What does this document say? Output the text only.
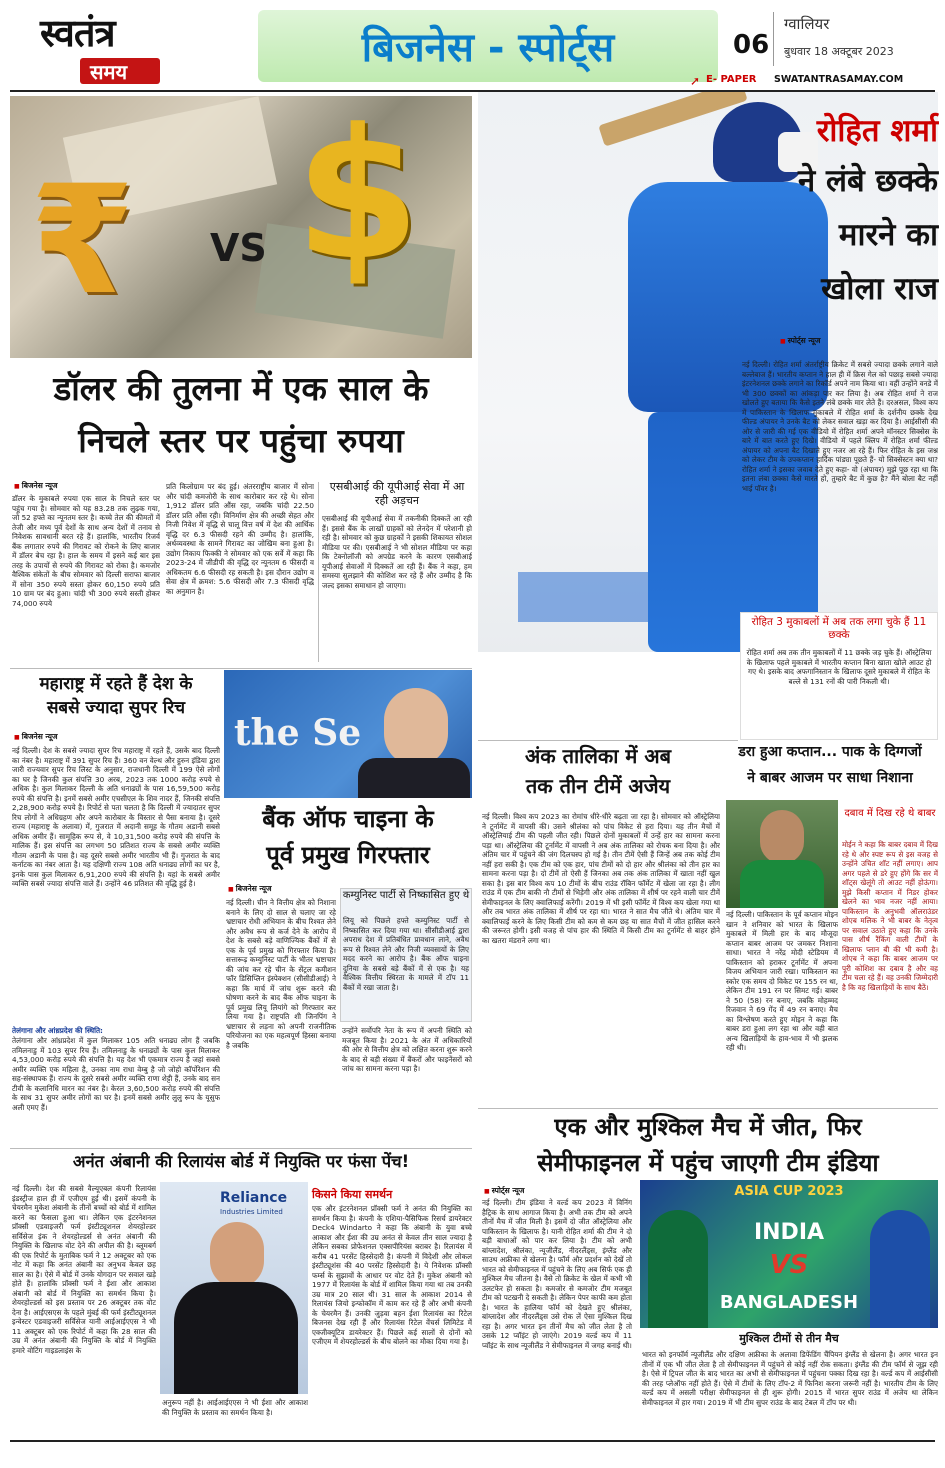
स्वतंत्र
समय
बिजनेस - स्पोर्ट्स	06
ग्वालियर
बुधवार 18 अक्टूबर 2023
➚ E- PAPER SWATANTRASAMAY.COM
₹ VS $
डॉलर की तुलना में एक साल के
निचले स्तर पर पहुंचा रुपया
■ बिजनेस न्यूज
डॉलर के मुकाबले रुपया एक साल के निचले स्तर पर पहुंच गया है। सोमवार को यह 83.28 तक लुढ़क गया, जो 52 हफ्ते का न्यूनतम स्तर है। कच्चे तेल की कीमतों में तेजी और मध्य पूर्व देशों के साथ अन्य देशों में तनाव से निवेशक सावधानी बरत रहे हैं। हालांकि, भारतीय रिजर्व बैंक लगातार रुपये की गिरावट को रोकने के लिए बाजार में डॉलर बेच रहा है। हाल के समय में इसने कई बार इस तरह के उपायों से रुपये की गिरावट को रोका है। कमजोर वैश्विक संकेतों के बीच सोमवार को दिल्ली सराफा बाजार में सोना 350 रुपये सस्ता होकर 60,150 रुपये प्रति 10 ग्राम पर बंद हुआ। चांदी भी 300 रुपये सस्ती होकर 74,000 रुपये
प्रति किलोग्राम पर बंद हुई। अंतरराष्ट्रीय बाजार में सोना और चांदी कमजोरी के साथ कारोबार कर रहे थे। सोना 1,912 डॉलर प्रति औंस रहा, जबकि चांदी 22.50 डॉलर प्रति औंस रही। विनिर्माण क्षेत्र की अच्छी सेहत और निजी निवेश में वृद्धि से चालू वित्त वर्ष में देश की आर्थिक वृद्धि दर 6.3 फीसदी रहने की उम्मीद है। हालांकि, अर्थव्यवस्था के सामने गिरावट का जोखिम बना हुआ है। उद्योग निकाय फिक्की ने सोमवार को एक सर्वे में कहा कि 2023-24 में जीडीपी की वृद्धि दर न्यूनतम 6 फीसदी व अधिकतम 6.6 फीसदी रह सकती है। इस दौरान उद्योग व सेवा क्षेत्र में क्रमश: 5.6 फीसदी और 7.3 फीसदी वृद्धि का अनुमान है।
एसबीआई की यूपीआई सेवा में आ रही अड़चन
एसबीआई की यूपीआई सेवा में तकनीकी दिक्कतें आ रही हैं। इससे बैंक के लाखों ग्राहकों को लेनदेन में परेशानी हो रही है। सोमवार को कुछ ग्राहकों ने इसकी शिकायत सोशल मीडिया पर की। एसबीआई ने भी सोशल मीडिया पर कहा कि टेक्नोलॉजी को अपग्रेड करने के कारण एसबीआई यूपीआई सेवाओं में दिक्कतें आ रही हैं। बैंक ने कहा, हम समस्या सुलझाने की कोशिश कर रहे हैं और उम्मीद है कि जल्द इसका समाधान हो जाएगा।
रोहित शर्मा
ने लंबे छक्के
मारने का
खोला राज
■ स्पोर्ट्स न्यूज
नई दिल्ली। रोहित शर्मा अंतर्राष्ट्रीय क्रिकेट में सबसे ज्यादा छक्के लगाने वाले बल्लेबाज हैं। भारतीय कप्तान ने हाल ही में क्रिस गेल को पछाड़ सबसे ज्यादा इंटरनेशनल छक्के लगाने का रिकॉर्ड अपने नाम किया था। वहीं उन्होंने वनडे में भी 300 छक्कों का आंकड़ा पार कर लिया है। अब रोहित शर्मा ने राज खोलते हुए बताया कि कैसे इतने लंबे छक्के मार लेते हैं। दरअसल, विश्व कप में पाकिस्तान के खिलाफ मुकाबले में रोहित शर्मा के दर्शनीय छक्के देख फील्ड अंपायर ने उनके बैट को लेकर सवाल खड़ा कर दिया है। आईसीसी की ओर से जारी की गई एक वीडियो में रोहित शर्मा अपने मॉनस्टर सिक्सेस के बारे में बात करते हुए दिखे। वीडियो में पहले क्लिप में रोहित शर्मा फील्ड अंपायर को अपना बैट दिखाते हुए नजर आ रहे हैं। फिर रोहित के इस जश्न को लेकर टीम के उपकप्तान हार्दिक पांड्या पूछते हैं- यो सिक्सेस्टन क्या था? रोहित शर्मा ने इसका जवाब देते हुए कहा- वो (अंपायर) मुझे पूछ रहा था कि इतना लंबा छक्का कैसे मारते हो, तुम्हारे बैट में कुछ है? मैंने बोला बैट नहीं भाई पॉवर है।
रोहित 3 मुकाबलों में अब तक लगा चुके हैं 11 छक्के
रोहित शर्मा अब तक तीन मुकाबलों में 11 छक्के जड़ चुके हैं। ऑस्ट्रेलिया के खिलाफ पहले मुकाबले में भारतीय कप्तान बिना खाता खोले आउट हो गए थे। इसके बाद अफगानिस्तान के खिलाफ दूसरे मुकाबले में रोहित के बल्ले से 131 रनों की पारी निकली थी।
महाराष्ट्र में रहते हैं देश के
सबसे ज्यादा सुपर रिच
■ बिजनेस न्यूज
नई दिल्ली। देश के सबसे ज्यादा सुपर रिच महाराष्ट्र में रहते हैं, उसके बाद दिल्ली का नंबर है। महाराष्ट्र में 391 सुपर रिच हैं। 360 वन वेल्थ और हुरुन इंडिया द्वारा जारी राज्यवार सुपर रिच लिस्ट के अनुसार, राजधानी दिल्ली में 199 ऐसे लोगों का घर है जिनकी कुल संपत्ति 30 अरब, 2023 तक 1000 करोड़ रुपये से अधिक है। कुल मिलाकर दिल्ली के अति धनाढ्यों के पास 16,59,500 करोड़ रुपये की संपत्ति है। इनमें सबसे अमीर एचसीएल के शिव नादर हैं, जिनकी संपत्ति 2,28,900 करोड़ रुपये है। रिपोर्ट से पता चलता है कि दिल्ली में ज्यादातर सुपर रिच लोगों ने अधिग्रहण और अपने कारोबार के विस्तार से पैसा बनाया है। दूसरे राज्य (महाराष्ट्र के अलावा) में, गुजरात में अदानी समूह के गौतम अडानी सबसे अधिक अमीर हैं। सामूहिक रूप से, वे 10,31,500 करोड़ रुपये की संपत्ति के मालिक हैं। इस संपत्ति का लगभग 50 प्रतिशत राज्य के सबसे अमीर व्यक्ति गौतम अडानी के पास है। वह दूसरे सबसे अमीर भारतीय भी हैं। गुजरात के बाद कर्नाटक का नंबर आता है। यह दक्षिणी राज्य 108 अति धनाढ्य लोगों का घर है, इनके पास कुल मिलाकर 6,91,200 रुपये की संपत्ति है। यहां के सबसे अमीर व्यक्ति सबसे ज्यादा संपत्ति वाले हैं। उन्होंने 46 प्रतिशत की वृद्धि हुई है।
तेलंगाना और आंध्रप्रदेश की स्थिति:
तेलंगाना और आंध्रप्रदेश में कुल मिलाकर 105 अति धनाढ्य लोग हैं जबकि तमिलनाडु में 103 सुपर रिच हैं। तमिलनाडु के धनाढ्यों के पास कुल मिलाकर 4,53,000 करोड़ रुपये की संपत्ति है। यह देश भी एकमात्र राज्य है जहां सबसे अमीर व्यक्ति एक महिला है, उनका नाम राधा वेम्बु है जो जोहो कॉर्पोरेशन की सह-संस्थापक हैं। राज्य के दूसरे सबसे अमीर व्यक्ति राणा शेट्टी हैं, उनके बाद सन टीवी के कलानिधि मारन का नंबर है। केरल 3,60,500 करोड़ रुपये की संपत्ति के साथ 31 सुपर अमीर लोगों का घर है। इनमें सबसे अमीर लुलु रूप के यूसुफ अली एमए हैं।
the Se
बैंक ऑफ चाइना के
पूर्व प्रमुख गिरफ्तार
■ बिजनेस न्यूज
नई दिल्ली। चीन ने वित्तीय क्षेत्र को निशाना बनाने के लिए दो साल से चलाए जा रहे भ्रष्टाचार रोधी अभियान के बीच रिश्वत लेने और अवैध रूप से कर्ज देने के आरोप में देश के सबसे बड़े वाणिज्यिक बैंकों में से एक के पूर्व प्रमुख को गिरफ्तार किया है। सत्तारूढ़ कम्युनिस्ट पार्टी के भीतर भ्रष्टाचार की जांच कर रहे चीन के सेंट्रल कमीशन फॉर डिसिप्लिन इंस्पेक्शन (सीसीडीआई) ने कहा कि मार्च में जांच शुरू करने की घोषणा करने के बाद बैंक ऑफ चाइना के पूर्व प्रमुख लियू लियांगे को गिरफ्तार कर लिया गया है। राष्ट्रपति शी जिनपिंग ने भ्रष्टाचार से लड़ना को अपनी राजनीतिक परियोजना का एक महत्वपूर्ण हिस्सा बनाया है जबकि
कम्युनिस्ट पार्टी से निष्कासित हुए थे
लियू को पिछले हफ्ते कम्युनिस्ट पार्टी से निष्कासित कर दिया गया था। सीसीडीआई द्वारा अपराध देश में प्रतिबंधित प्रावधान लाने, अवैध रूप से रिश्वत लेने और निजी व्यवसायों के लिए मदद करने का आरोप है। बैंक ऑफ चाइना दुनिया के सबसे बड़े बैंकों में से एक है। यह वैश्विक वित्तीय स्थिरता के मामले में टॉप 11 बैंकों में रखा जाता है।
उन्होंने सर्वोपरि नेता के रूप में अपनी स्थिति को मजबूत किया है। 2021 के अंत में अधिकारियों की ओर से वित्तीय क्षेत्र को लक्षित करना शुरू करने के बाद से बड़ी संख्या में बैंकरों और फाइनेंसरों को जांच का सामना करना पड़ा है।
अंक तालिका में अब
तक तीन टीमें अजेय
नई दिल्ली। विश्व कप 2023 का रोमांच धीरे-धीरे बढ़ता जा रहा है। सोमवार को ऑस्ट्रेलिया ने टूर्नामेंट में वापसी की। उसने श्रीलंका को पांच विकेट से हरा दिया। यह तीन मैचों में ऑस्ट्रेलियाई टीम की पहली जीत रही। पिछले दोनों मुकाबलों में उन्हें हार का सामना करना पड़ा था। ऑस्ट्रेलिया की टूर्नामेंट में वापसी ने अब अंक तालिका को रोचक बना दिया है। और अंतिम चार में पहुंचने की जंग दिलचस्प हो गई है। तीन टीमें ऐसी हैं जिन्हें अब तक कोई टीम नहीं हरा सकी है। एक टीम को एक हार, पांच टीमों को दो हार और श्रीलंका को तीन हार का सामना करना पड़ा है। दो टीमें तो ऐसी हैं जिनका अब तक अंक तालिका में खाता नहीं खुल सका है। इस बार विश्व कप 10 टीमों के बीच राउंड रॉबिन फॉर्मेट में खेला जा रहा है। लीग राउंड में एक टीम बाकी नौ टीमों से भिड़ेगी और अंक तालिका में शीर्ष पर रहने वाली चार टीमें सेमीफाइनल के लिए क्वालिफाई करेंगी। 2019 में भी इसी फॉर्मेट में विश्व कप खेला गया था और तब भारत अंक तालिका में शीर्ष पर रहा था। भारत ने सात मैच जीते थे। अंतिम चार में क्वालिफाई करने के लिए किसी टीम को कम से कम छह या सात मैचों में जीत हासिल करने की जरूरत होगी। इसी वजह से पांच हार की स्थिति में किसी टीम का टूर्नामेंट से बाहर होने का खतरा मंडराने लगा था।
डरा हुआ कप्तान... पाक के दिग्गजों
ने बाबर आजम पर साधा निशाना
दबाव में दिख रहे थे बाबर
मोईन ने कहा कि बाबर दबाव में दिख रहे थे और स्पष्ट रूप से इस वजह से उन्होंने उचित शॉट नहीं लगाए। आप अगर पहले से डरे हुए होंगे कि सर में शॉट्स खेलूंगे तो आउट नहीं होऊंगा। मुझे किसी कप्तान में निडर होकर खेलने का भाव नजर नहीं आया। पाकिस्तान के अनुभवी ऑलराउंडर शोएब मलिक ने भी बाबर के नेतृत्व पर सवाल उठाते हुए कहा कि उनके पास शीर्ष रैंकिंग वाली टीमों के खिलाफ प्लान बी की भी कमी है। शोएब ने कहा कि बाबर आजम पर पूरी कोशिश का दबाव है और वह टीम चला रहे हैं। वह उनकी जिम्मेदारी है कि वह खिलाड़ियों के साथ बैठें।
नई दिल्ली। पाकिस्तान के पूर्व कप्तान मोइन खान ने शनिवार को भारत के खिलाफ मुकाबले में मिली हार के बाद मौजूदा कप्तान बाबर आजम पर जमकर निशाना साधा। भारत ने नरेंद्र मोदी स्टेडियम में पाकिस्तान को हराकर टूर्नामेंट में अपना विजय अभियान जारी रखा। पाकिस्तान का स्कोर एक समय दो विकेट पर 155 रन था, लेकिन टीम 191 रन पर सिमट गई। बाबर ने 50 (58) रन बनाए, जबकि मोहम्मद रिजवान ने 69 गेंद में 49 रन बनाए। मैच का विश्लेषण करते हुए मोइन ने कहा कि बाबर डरा हुआ लग रहा था और वही बात अन्य खिलाड़ियों के हाव-भाव में भी झलक रही थी।
एक और मुश्किल मैच में जीत, फिर
सेमीफाइनल में पहुंच जाएगी टीम इंडिया
■ स्पोर्ट्स न्यूज
नई दिल्ली। टीम इंडिया ने वर्ल्ड कप 2023 में विनिंग हैट्रिक के साथ आगाज किया है। अभी तक टीम को अपने तीनों मैच में जीत मिली है। इसमें दो जीत ऑस्ट्रेलिया और पाकिस्तान के खिलाफ है। यानी रोहित शर्मा की टीम ने दो बड़ी बाधाओं को पार कर लिया है। टीम को अभी बांग्लादेश, श्रीलंका, न्यूजीलैंड, नीदरलैंड्स, इंग्लैंड और साउथ अफ्रीका से खेलना है। फॉर्म और प्रदर्शन को देखें तो भारत को सेमीफाइनल में पहुंचने के लिए अब सिर्फ एक ही मुश्किल मैच जीतना है। वैसे तो क्रिकेट के खेल में कभी भी उलटफेर हो सकता है। कमजोर से कमजोर टीम मजबूत टीम को पटखनी दे सकती है। लेकिन पेपर काफी कम होता है। भारत के हालिया फॉर्म को देखते हुए श्रीलंका, बांग्लादेश और नीदरलैंड्स उसे रोक लें ऐसा मुश्किल दिख रहा है। अगर भारत इन तीनों मैच को जीत लेता है तो उसके 12 प्वॉइंट हो जाएंगे। 2019 वर्ल्ड कप में 11 प्वॉइंट के साथ न्यूजीलैंड ने सेमीफाइनल में जगह बनाई थी।
ASIA CUP 2023
INDIA
VS
BANGLADESH
मुश्किल टीमों से तीन मैच
भारत को इनफॉर्म न्यूजीलैंड और दक्षिण अफ्रीका के अलावा डिफेंडिंग चैंपियन इंग्लैंड से खेलना है। अगर भारत इन तीनों में एक भी जीत लेता है तो सेमीफाइनल में पहुंचने से कोई नहीं रोक सकता। इंग्लैंड की टीम फॉर्म से जूझ रही है। ऐसे में ट्रिपल जीत के बाद भारत का अभी से सेमीफाइनल में पहुंचना पक्का दिख रहा है। वर्ल्ड कप में आईसीसी की तरह प्लेऑफ नहीं होते हैं। ऐसे में टीमों के लिए टॉप-2 में फिनिश करना जरूरी नहीं है। भारतीय टीम के लिए वर्ल्ड कप में असली परीक्षा सेमीफाइनल से ही शुरू होगी। 2015 में भारत सुपर राउंड में अजेय था लेकिन सेमीफाइनल में हार गया। 2019 में भी टीम सुपर राउंड के बाद टेबल में टॉप पर थी।
अनंत अंबानी की रिलायंस बोर्ड में नियुक्ति पर फंसा पेंच!
नई दिल्ली। देश की सबसे वैल्यूएबल कंपनी रिलायंस इंडस्ट्रीज हाल ही में एजीएम हुई थी। इसमें कंपनी के चेयरमैन मुकेश अंबानी के तीनों बच्चों को बोर्ड में शामिल करने का फैसला हुआ था। लेकिन एक इंटरनेशनल प्रॉक्सी एडवाइजरी फर्म इंस्टीट्यूशनल शेयरहोल्डर सर्विसेज इंक ने शेयरहोल्डर्स से अनंत अंबानी की नियुक्ति के खिलाफ वोट देने की अपील की है। ब्लूमबर्ग की एक रिपोर्ट के मुताबिक फर्म ने 12 अक्टूबर को एक नोट में कहा कि अनंत अंबानी का अनुभव केवल छह साल का है। ऐसे में बोर्ड में उनके योगदान पर सवाल खड़े होते हैं। हालांकि प्रॉक्सी फर्म ने ईशा और आकाश अंबानी को बोर्ड में नियुक्ति का समर्थन किया है। शेयरहोल्डर्स को इस प्रस्ताव पर 26 अक्टूबर तक वोट देना है। आईएसएस के पहले मुंबई की फर्म इंस्टीट्यूशनल इन्वेस्टर एडवाइजरी सर्विसेज यानी आईआईएएस ने भी 11 अक्टूबर को एक रिपोर्ट में कहा कि 28 साल की उम्र में अनंत अंबानी की नियुक्ति के बोर्ड में नियुक्ति हमारे वोटिंग गाइडलाइंस के
Reliance
Industries Limited
अनुरूप नहीं है। आईआईएएस ने भी ईशा और आकाश की नियुक्ति के प्रस्ताव का समर्थन किया है।
किसने किया समर्थन
एक और इंटरनेशनल प्रॉक्सी फर्म ने अनंत की नियुक्ति का समर्थन किया है। कंपनी के एशिया-पैसिफिक रिसर्च डायरेक्टर Deck4 Windarto ने कहा कि अंबानी के युवा बच्चे आकाश और ईशा की उम्र अनंत से केवल तीन साल ज्यादा है लेकिन सबका प्रोफेशनल एक्सपीरियंस बराबर है। रिलायंस में करीब 41 परसेंट हिस्सेदारी है। कंपनी में विदेशी और लोकल इंस्टीट्यूशंस की 40 परसेंट हिस्सेदारी है। ये निवेशक प्रॉक्सी फर्म्स के सुझावों के आधार पर वोट देते हैं। मुकेश अंबानी को 1977 में रिलायंस के बोर्ड में शामिल किया गया था तब उनकी उम्र मात्र 20 साल थी। 31 साल के आकाश 2014 से रिलायंस जियो इन्फोकॉम में काम कर रहे हैं और अभी कंपनी के चेयरमैन हैं। उनकी जुड़वा बहन ईशा रिलायंस का रिटेल बिजनस देख रही हैं और रिलायंस रिटेल वेंचर्स लिमिटेड में एक्जीक्यूटिव डायरेक्टर हैं। पिछले कई सालों से दोनों को एजीएम में शेयरहोल्डर्स के बीच बोलने का मौका दिया गया है।
